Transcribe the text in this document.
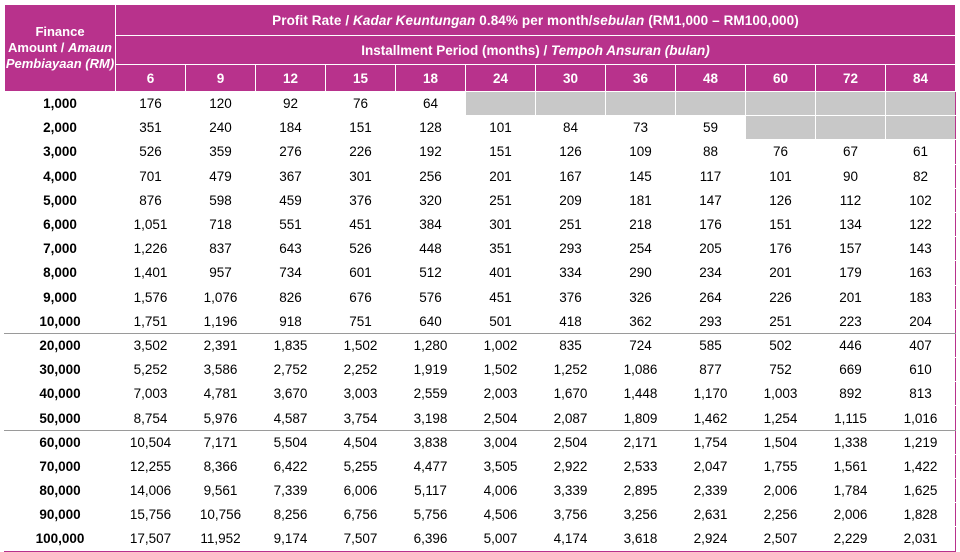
Finance
Amount / Amaun
Pembiayaan (RM)	Profit Rate / Kadar Keuntungan 0.84% per month/sebulan (RM1,000 – RM100,000)											
	Installment Period (months) / Tempoh Ansuran (bulan)											
	6	9	12	15	18	24	30	36	48	60	72	84
1,000	176	120	92	76	64							
2,000	351	240	184	151	128	101	84	73	59			
3,000	526	359	276	226	192	151	126	109	88	76	67	61
4,000	701	479	367	301	256	201	167	145	117	101	90	82
5,000	876	598	459	376	320	251	209	181	147	126	112	102
6,000	1,051	718	551	451	384	301	251	218	176	151	134	122
7,000	1,226	837	643	526	448	351	293	254	205	176	157	143
8,000	1,401	957	734	601	512	401	334	290	234	201	179	163
9,000	1,576	1,076	826	676	576	451	376	326	264	226	201	183
10,000	1,751	1,196	918	751	640	501	418	362	293	251	223	204
20,000	3,502	2,391	1,835	1,502	1,280	1,002	835	724	585	502	446	407
30,000	5,252	3,586	2,752	2,252	1,919	1,502	1,252	1,086	877	752	669	610
40,000	7,003	4,781	3,670	3,003	2,559	2,003	1,670	1,448	1,170	1,003	892	813
50,000	8,754	5,976	4,587	3,754	3,198	2,504	2,087	1,809	1,462	1,254	1,115	1,016
60,000	10,504	7,171	5,504	4,504	3,838	3,004	2,504	2,171	1,754	1,504	1,338	1,219
70,000	12,255	8,366	6,422	5,255	4,477	3,505	2,922	2,533	2,047	1,755	1,561	1,422
80,000	14,006	9,561	7,339	6,006	5,117	4,006	3,339	2,895	2,339	2,006	1,784	1,625
90,000	15,756	10,756	8,256	6,756	5,756	4,506	3,756	3,256	2,631	2,256	2,006	1,828
100,000	17,507	11,952	9,174	7,507	6,396	5,007	4,174	3,618	2,924	2,507	2,229	2,031
